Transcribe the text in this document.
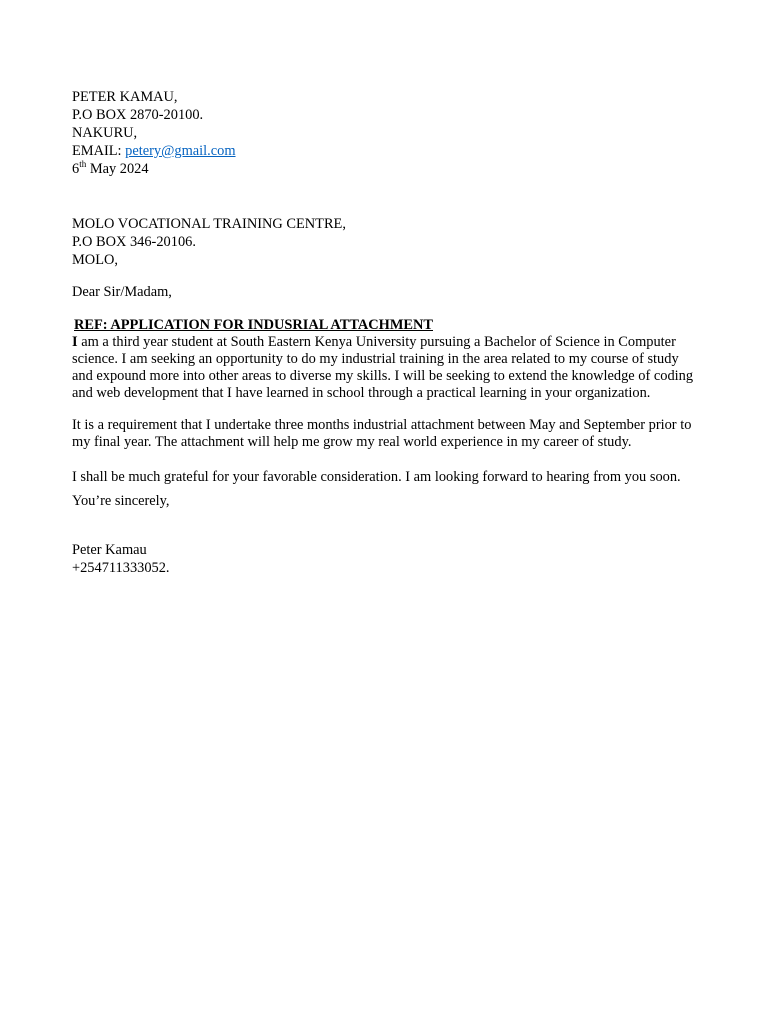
PETER KAMAU,
P.O BOX 2870-20100.
NAKURU,
EMAIL: petery@gmail.com
6th May 2024
MOLO VOCATIONAL TRAINING CENTRE,
P.O BOX 346-20106.
MOLO,
Dear Sir/Madam,
REF: APPLICATION FOR INDUSRIAL ATTACHMENT

I am a third year student at South Eastern Kenya University pursuing a Bachelor of Science in Computer science. I am seeking an opportunity to do my industrial training in the area related to my course of study and expound more into other areas to diverse my skills. I will be seeking to extend the knowledge of coding and web development that I have learned in school through a practical learning in your organization.

It is a requirement that I undertake three months industrial attachment between May and September prior to my final year. The attachment will help me grow my real world experience in my career of study.

I shall be much grateful for your favorable consideration. I am looking forward to hearing from you soon. You’re sincerely,

Peter Kamau
+254711333052.
